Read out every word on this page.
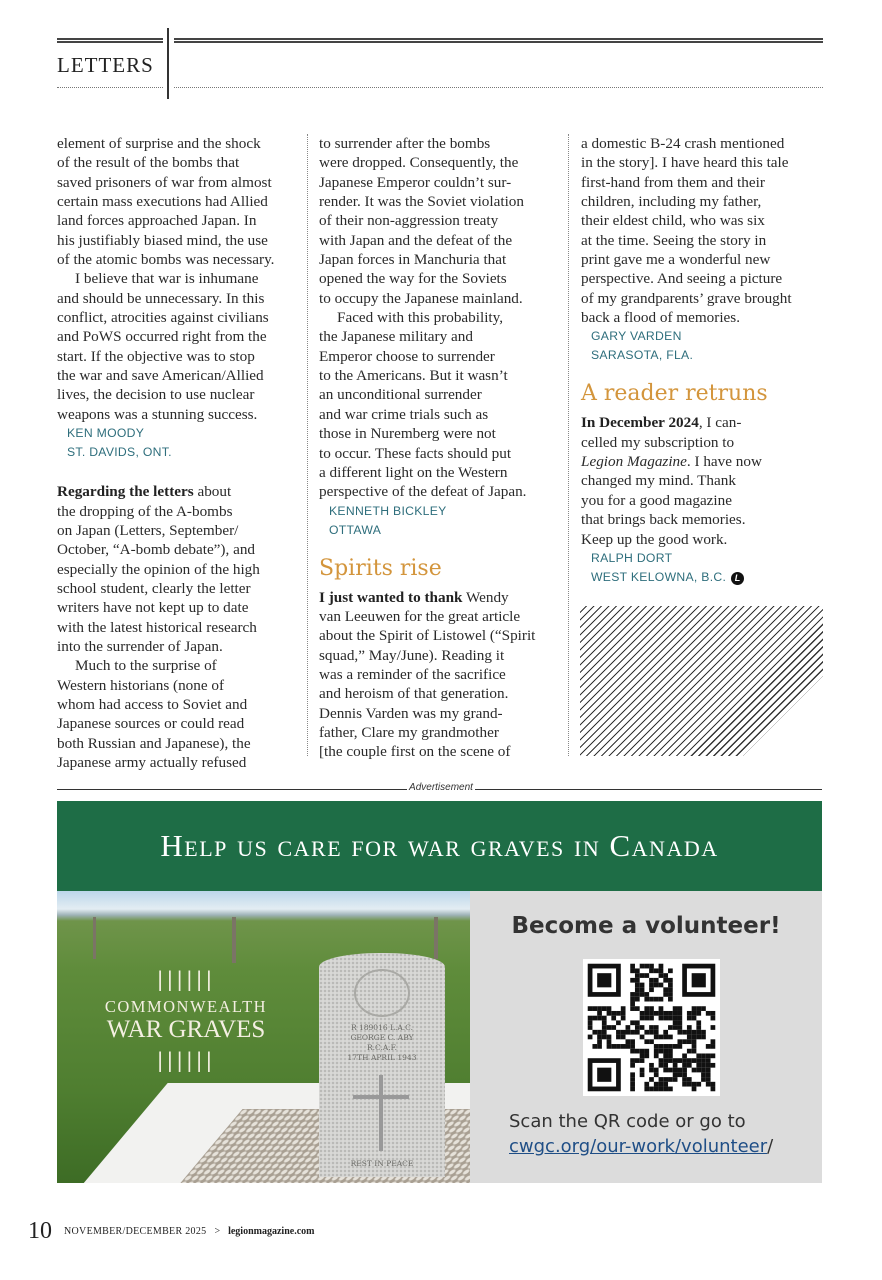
LETTERS
element of surprise and the shock
of the result of the bombs that
saved prisoners of war from almost
certain mass executions had Allied
land forces approached Japan. In
his justifiably biased mind, the use
of the atomic bombs was necessary.
I believe that war is inhumane
and should be unnecessary. In this
conflict, atrocities against civilians
and PoWS occurred right from the
start. If the objective was to stop
the war and save American/Allied
lives, the decision to use nuclear
weapons was a stunning success.
KEN MOODY
ST. DAVIDS, ONT.
Regarding the letters about
the dropping of the A-bombs
on Japan (Letters, September/
October, “A-bomb debate”), and
especially the opinion of the high
school student, clearly the letter
writers have not kept up to date
with the latest historical research
into the surrender of Japan.
Much to the surprise of
Western historians (none of
whom had access to Soviet and
Japanese sources or could read
both Russian and Japanese), the
Japanese army actually refused
to surrender after the bombs
were dropped. Consequently, the
Japanese Emperor couldn’t sur-
render. It was the Soviet violation
of their non-aggression treaty
with Japan and the defeat of the
Japan forces in Manchuria that
opened the way for the Soviets
to occupy the Japanese mainland.
Faced with this probability,
the Japanese military and
Emperor choose to surrender
to the Americans. But it wasn’t
an unconditional surrender
and war crime trials such as
those in Nuremberg were not
to occur. These facts should put
a different light on the Western
perspective of the defeat of Japan.
KENNETH BICKLEY
OTTAWA
Spirits rise
I just wanted to thank Wendy
van Leeuwen for the great article
about the Spirit of Listowel (“Spirit
squad,” May/June). Reading it
was a reminder of the sacrifice
and heroism of that generation.
Dennis Varden was my grand-
father, Clare my grandmother
[the couple first on the scene of
a domestic B-24 crash mentioned
in the story]. I have heard this tale
first-hand from them and their
children, including my father,
their eldest child, who was six
at the time. Seeing the story in
print gave me a wonderful new
perspective. And seeing a picture
of my grandparents’ grave brought
back a flood of memories.
GARY VARDEN
SARASOTA, FLA.
A reader retruns
In December 2024, I can-
celled my subscription to
Legion Magazine. I have now
changed my mind. Thank
you for a good magazine
that brings back memories.
Keep up the good work.
RALPH DORT
WEST KELOWNA, B.C. L
Advertisement
Help us care for war graves in Canada
||||||
COMMONWEALTH
WAR GRAVES
||||||
R 189016 L.A.C.
GEORGE C. ABY
R.C.A.F.
17TH APRIL 1943
REST IN PEACE
Become a volunteer!
Scan the QR code or go to
cwgc.org/our-work/volunteer/
10 NOVEMBER/DECEMBER 2025 > legionmagazine.com
